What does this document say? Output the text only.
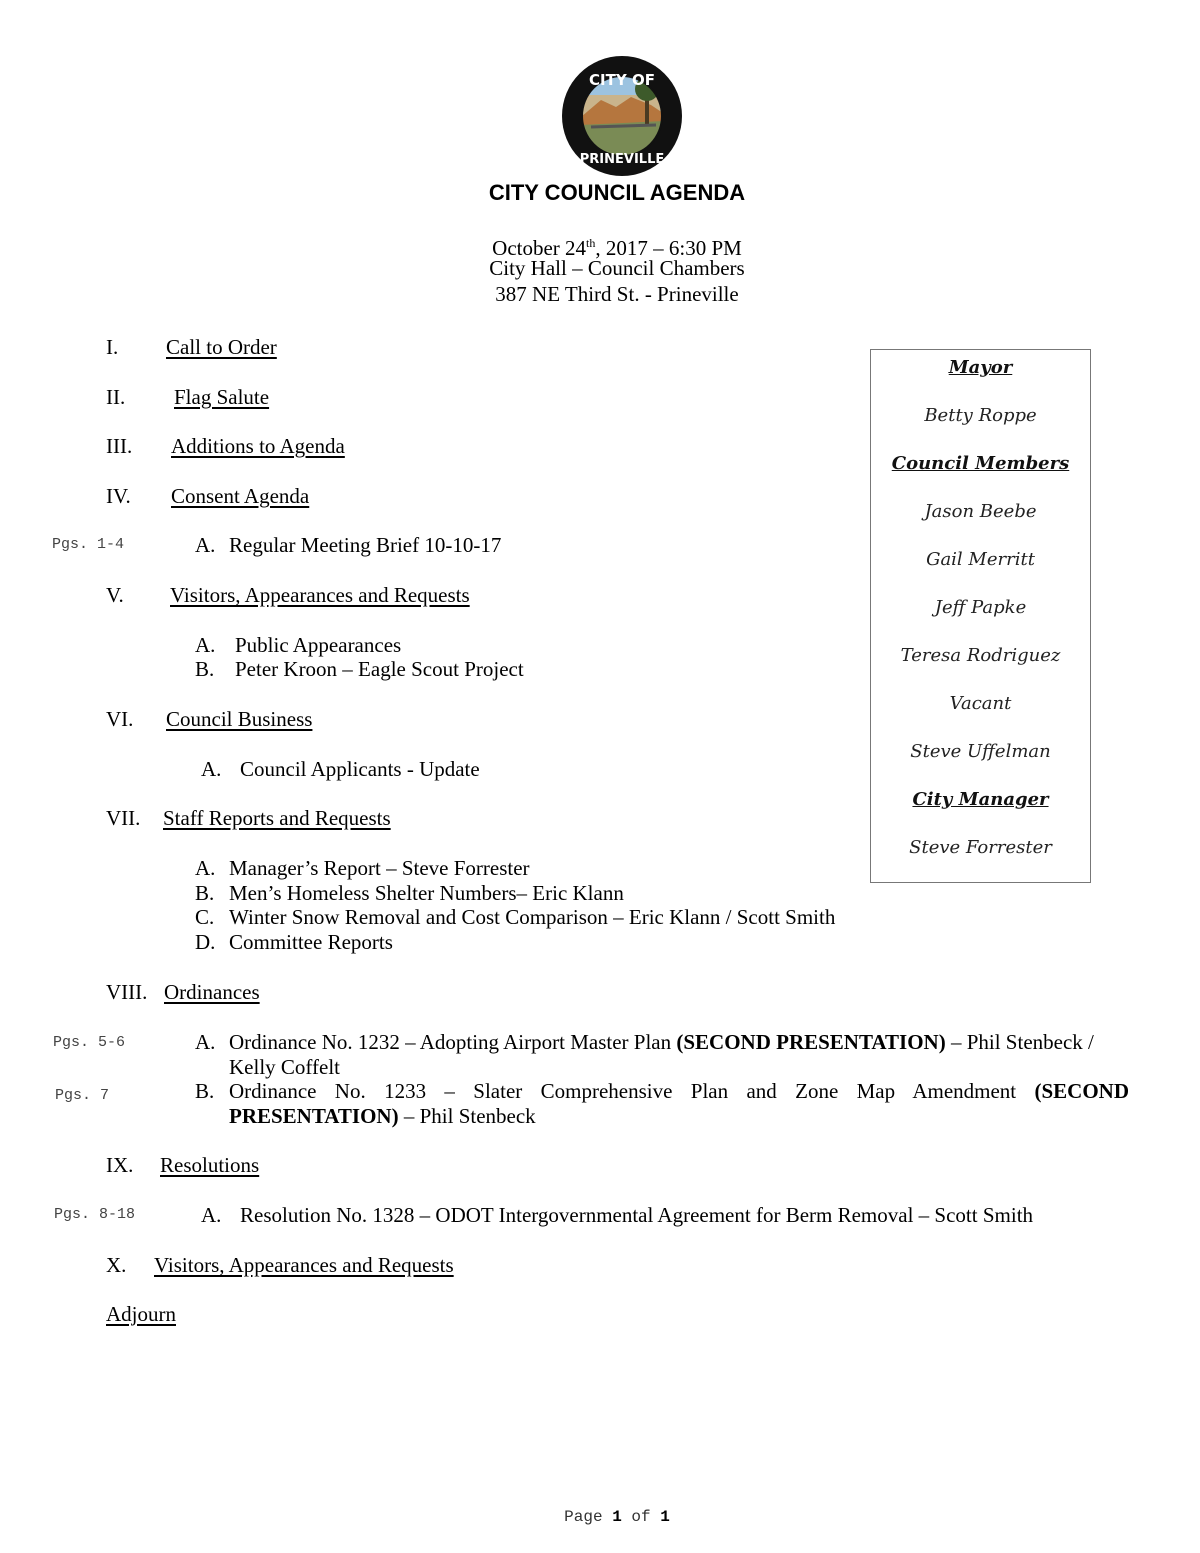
CITY OF
PRINEVILLE
CITY COUNCIL AGENDA
October 24th, 2017 – 6:30 PM
City Hall – Council Chambers
387 NE Third St. - Prineville
Mayor
Betty Roppe
Council Members
Jason Beebe
Gail Merritt
Jeff Papke
Teresa Rodriguez
Vacant
Steve Uffelman
City Manager
Steve Forrester
I. Call to Order
II. Flag Salute
III. Additions to Agenda
IV. Consent Agenda
Pgs. 1-4	A. Regular Meeting Brief 10-10-17
V. Visitors, Appearances and Requests
A. Public Appearances
B. Peter Kroon – Eagle Scout Project
VI. Council Business
A. Council Applicants - Update
VII. Staff Reports and Requests
A. Manager’s Report – Steve Forrester
B. Men’s Homeless Shelter Numbers– Eric Klann
C. Winter Snow Removal and Cost Comparison – Eric Klann / Scott Smith
D. Committee Reports
VIII. Ordinances
Pgs. 5-6	A. Ordinance No. 1232 – Adopting Airport Master Plan (SECOND PRESENTATION) – Phil Stenbeck /
Kelly Coffelt
Pgs. 7	B. Ordinance No. 1233 – Slater Comprehensive Plan and Zone Map Amendment (SECOND
PRESENTATION) – Phil Stenbeck
IX. Resolutions
Pgs. 8-18	A. Resolution No. 1328 – ODOT Intergovernmental Agreement for Berm Removal – Scott Smith
X. Visitors, Appearances and Requests
Adjourn
Page 1 of 1
